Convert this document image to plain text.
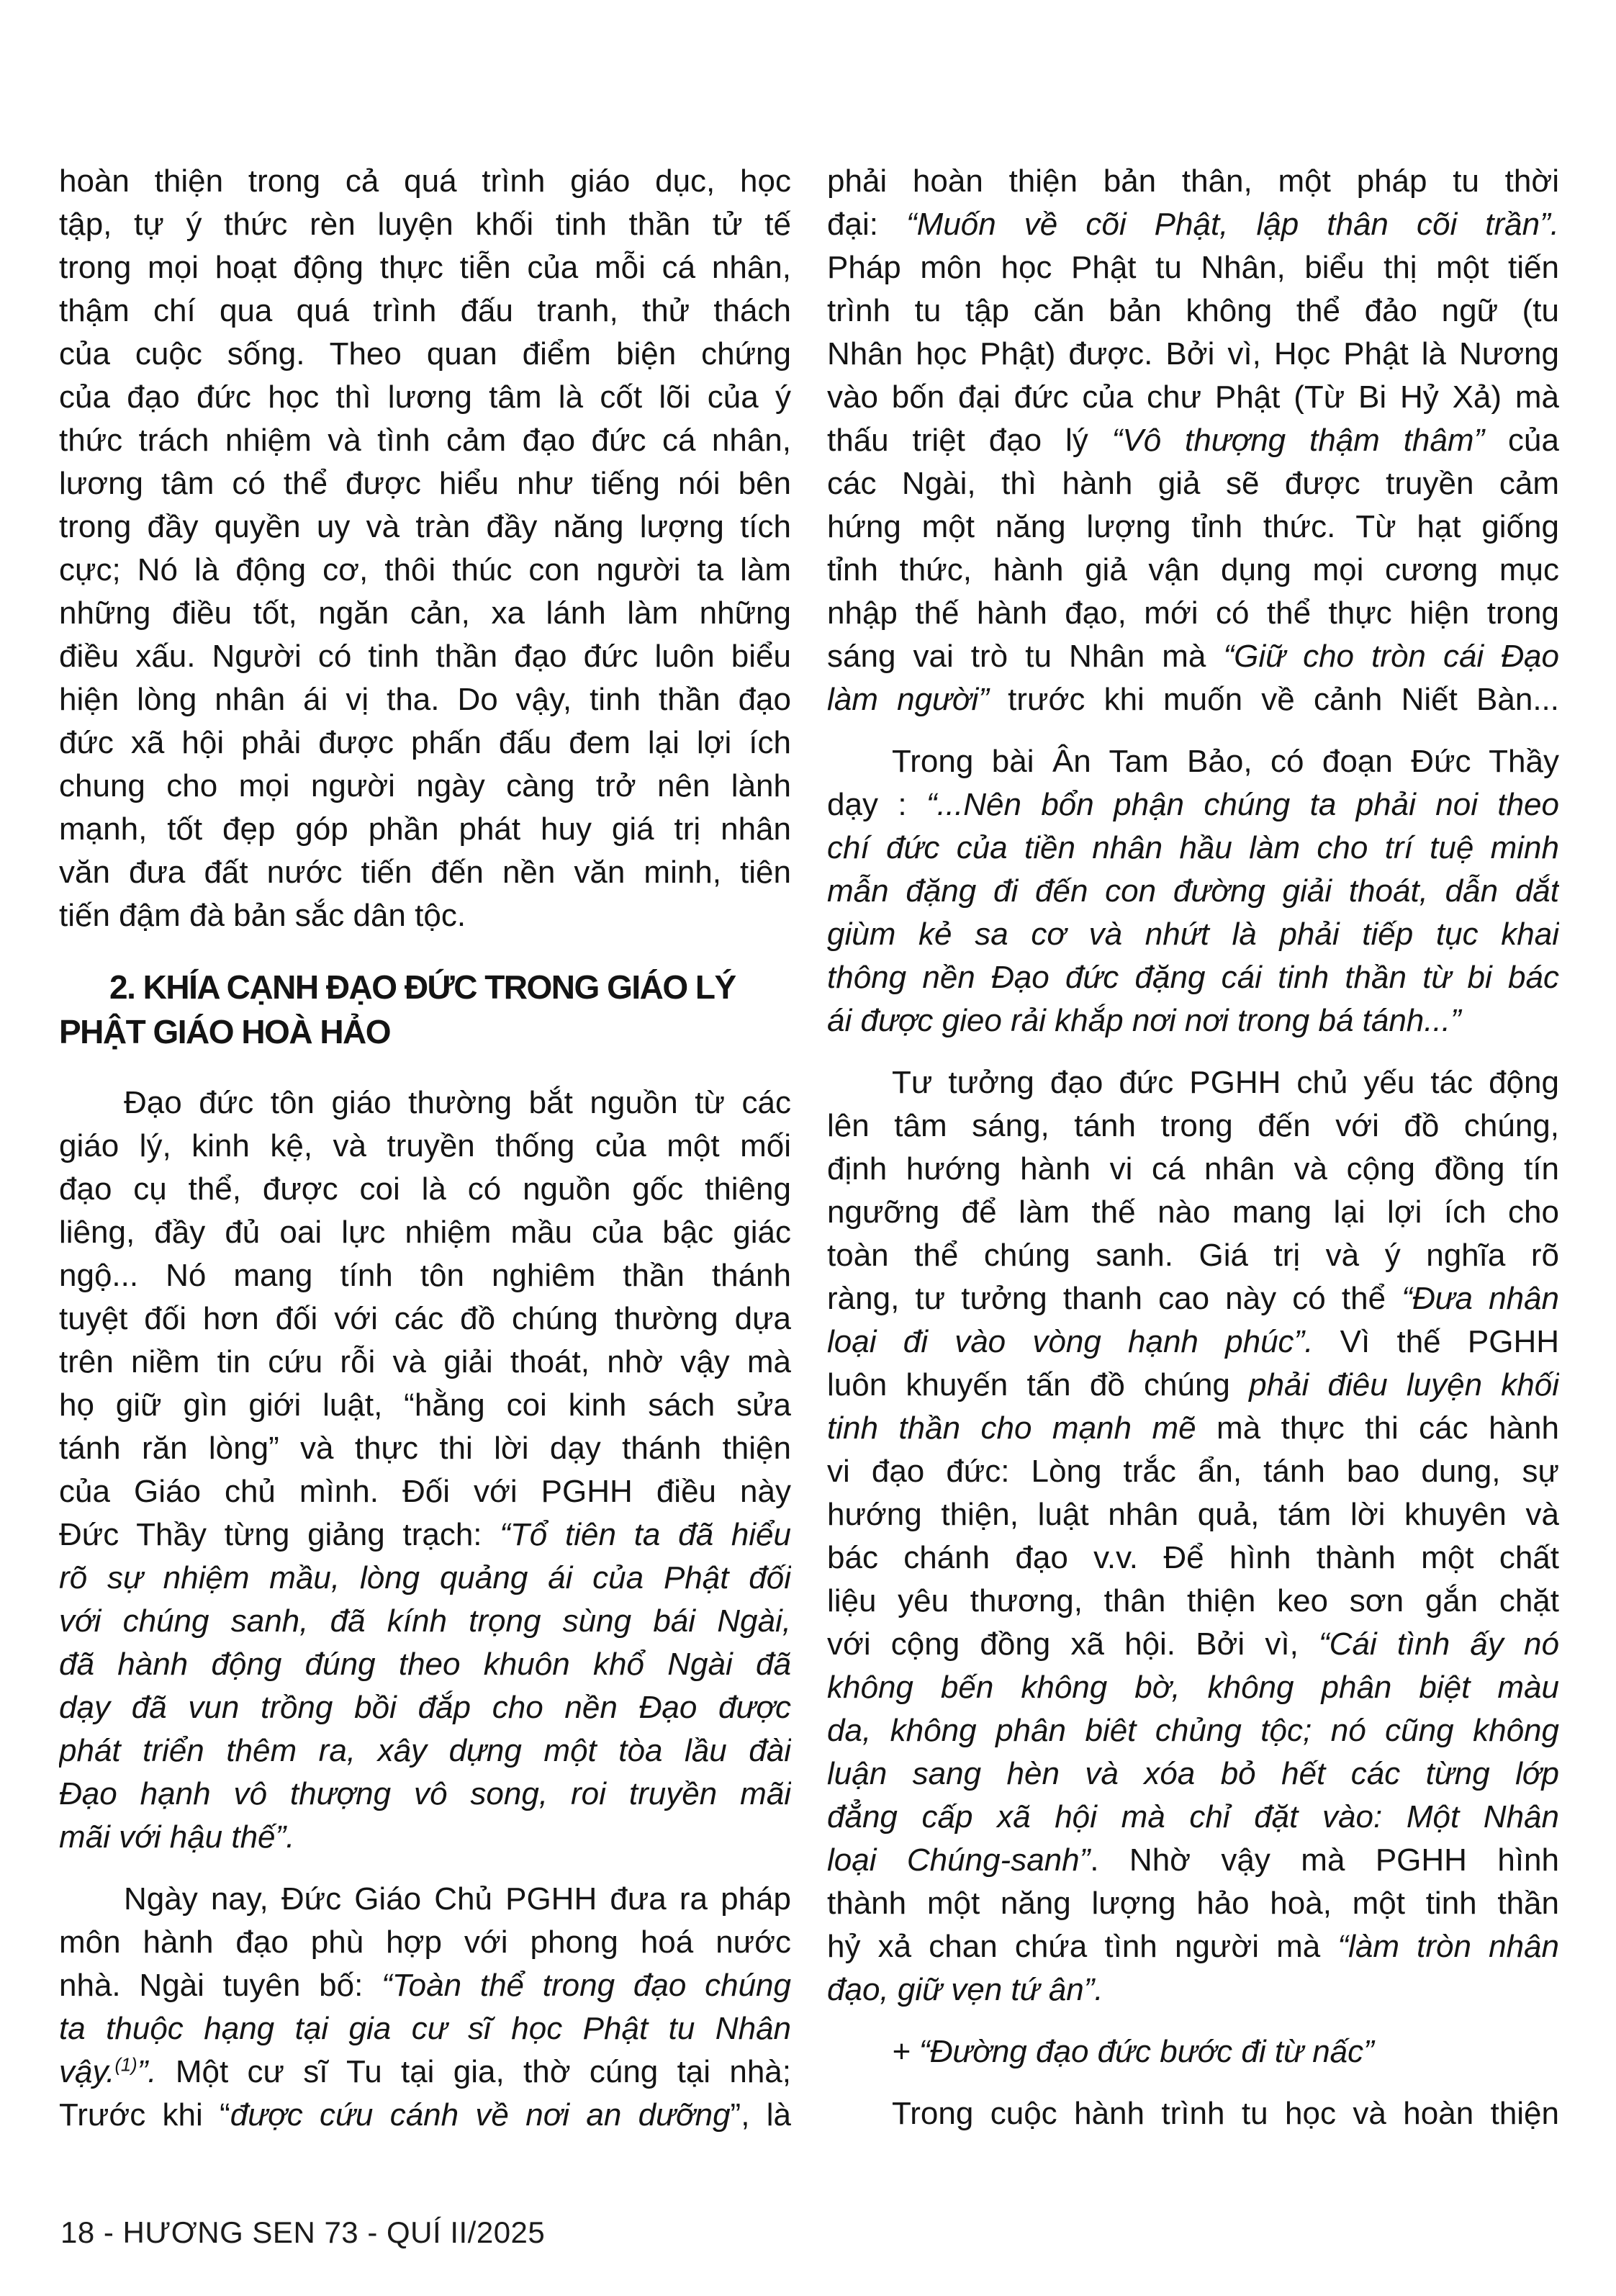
hoàn thiện trong cả quá trình giáo dục, học
tập, tự ý thức rèn luyện khối tinh thần tử tế
trong mọi hoạt động thực tiễn của mỗi cá nhân,
thậm chí qua quá trình đấu tranh, thử thách
của cuộc sống. Theo quan điểm biện chứng
của đạo đức học thì lương tâm là cốt lõi của ý
thức trách nhiệm và tình cảm đạo đức cá nhân,
lương tâm có thể được hiểu như tiếng nói bên
trong đầy quyền uy và tràn đầy năng lượng tích
cực; Nó là động cơ, thôi thúc con người ta làm
những điều tốt, ngăn cản, xa lánh làm những
điều xấu. Người có tinh thần đạo đức luôn biểu
hiện lòng nhân ái vị tha. Do vậy, tinh thần đạo
đức xã hội phải được phấn đấu đem lại lợi ích
chung cho mọi người ngày càng trở nên lành
mạnh, tốt đẹp góp phần phát huy giá trị nhân
văn đưa đất nước tiến đến nền văn minh, tiên
tiến đậm đà bản sắc dân tộc.
2. KHÍA CẠNH ĐẠO ĐỨC TRONG GIÁO LÝ
PHẬT GIÁO HOÀ HẢO
Đạo đức tôn giáo thường bắt nguồn từ các
giáo lý, kinh kệ, và truyền thống của một mối
đạo cụ thể, được coi là có nguồn gốc thiêng
liêng, đầy đủ oai lực nhiệm mầu của bậc giác
ngộ... Nó mang tính tôn nghiêm thần thánh
tuyệt đối hơn đối với các đồ chúng thường dựa
trên niềm tin cứu rỗi và giải thoát, nhờ vậy mà
họ giữ gìn giới luật, “hằng coi kinh sách sửa
tánh răn lòng” và thực thi lời dạy thánh thiện
của Giáo chủ mình. Đối với PGHH điều này
Đức Thầy từng giảng trạch: “Tổ tiên ta đã hiểu
rõ sự nhiệm mầu, lòng quảng ái của Phật đối
với chúng sanh, đã kính trọng sùng bái Ngài,
đã hành động đúng theo khuôn khổ Ngài đã
dạy đã vun trồng bồi đắp cho nền Đạo được
phát triển thêm ra, xây dựng một tòa lầu đài
Đạo hạnh vô thượng vô song, roi truyền mãi
mãi với hậu thế”.
Ngày nay, Đức Giáo Chủ PGHH đưa ra pháp
môn hành đạo phù hợp với phong hoá nước
nhà. Ngài tuyên bố: “Toàn thể trong đạo chúng
ta thuộc hạng tại gia cư sĩ học Phật tu Nhân
vậy.$^{(1)}$”. Một cư sĩ Tu tại gia, thờ cúng tại nhà;
Trước khi “được cứu cánh về nơi an dưỡng”, là
phải hoàn thiện bản thân, một pháp tu thời
đại: “Muốn về cõi Phật, lập thân cõi trần”.
Pháp môn học Phật tu Nhân, biểu thị một tiến
trình tu tập căn bản không thể đảo ngữ (tu
Nhân học Phật) được. Bởi vì, Học Phật là Nương
vào bốn đại đức của chư Phật (Từ Bi Hỷ Xả) mà
thấu triệt đạo lý “Vô thượng thậm thâm” của
các Ngài, thì hành giả sẽ được truyền cảm
hứng một năng lượng tỉnh thức. Từ hạt giống
tỉnh thức, hành giả vận dụng mọi cương mục
nhập thế hành đạo, mới có thể thực hiện trong
sáng vai trò tu Nhân mà “Giữ cho tròn cái Đạo
làm người” trước khi muốn về cảnh Niết Bàn...
Trong bài Ân Tam Bảo, có đoạn Đức Thầy
dạy : “...Nên bổn phận chúng ta phải noi theo
chí đức của tiền nhân hầu làm cho trí tuệ minh
mẫn đặng đi đến con đường giải thoát, dẫn dắt
giùm kẻ sa cơ và nhứt là phải tiếp tục khai
thông nền Đạo đức đặng cái tinh thần từ bi bác
ái được gieo rải khắp nơi nơi trong bá tánh...”
Tư tưởng đạo đức PGHH chủ yếu tác động
lên tâm sáng, tánh trong đến với đồ chúng,
định hướng hành vi cá nhân và cộng đồng tín
ngưỡng để làm thế nào mang lại lợi ích cho
toàn thể chúng sanh. Giá trị và ý nghĩa rõ
ràng, tư tưởng thanh cao này có thể “Đưa nhân
loại đi vào vòng hạnh phúc”. Vì thế PGHH
luôn khuyến tấn đồ chúng phải điêu luyện khối
tinh thần cho mạnh mẽ mà thực thi các hành
vi đạo đức: Lòng trắc ẩn, tánh bao dung, sự
hướng thiện, luật nhân quả, tám lời khuyên và
bác chánh đạo v.v. Để hình thành một chất
liệu yêu thương, thân thiện keo sơn gắn chặt
với cộng đồng xã hội. Bởi vì, “Cái tình ấy nó
không bến không bờ, không phân biệt màu
da, không phân biêt chủng tộc; nó cũng không
luận sang hèn và xóa bỏ hết các từng lớp
đẳng cấp xã hội mà chỉ đặt vào: Một Nhân
loại Chúng-sanh”. Nhờ vậy mà PGHH hình
thành một năng lượng hảo hoà, một tinh thần
hỷ xả chan chứa tình người mà “làm tròn nhân
đạo, giữ vẹn tứ ân”.
+ “Đường đạo đức bước đi từ nấc”
Trong cuộc hành trình tu học và hoàn thiện
18 - HƯƠNG SEN 73 - QUÍ II/2025
